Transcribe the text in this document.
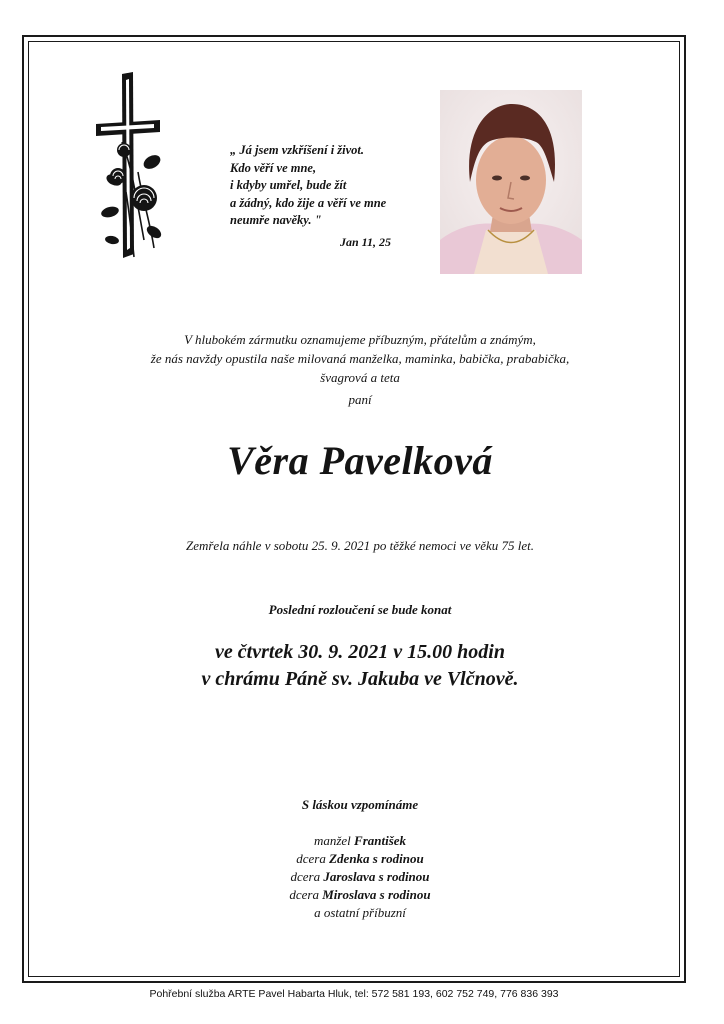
„ Já jsem vzkříšení i život.
Kdo věří ve mne,
i kdyby umřel, bude žít
a žádný, kdo žije a věří ve mne
neumře navěky. "
Jan 11, 25
V hlubokém zármutku oznamujeme příbuzným, přátelům a známým,
že nás navždy opustila naše milovaná manželka, maminka, babička, prababička,
švagrová a teta
paní
Věra Pavelková
Zemřela náhle v sobotu 25. 9. 2021 po těžké nemoci ve věku 75 let.
Poslední rozloučení se bude konat
ve čtvrtek 30. 9. 2021 v 15.00 hodin
v chrámu Páně sv. Jakuba ve Vlčnově.
S láskou vzpomínáme
manžel František
dcera Zdenka s rodinou
dcera Jaroslava s rodinou
dcera Miroslava s rodinou
a ostatní příbuzní
Pohřební služba ARTE Pavel Habarta Hluk, tel: 572 581 193, 602 752 749, 776 836 393
